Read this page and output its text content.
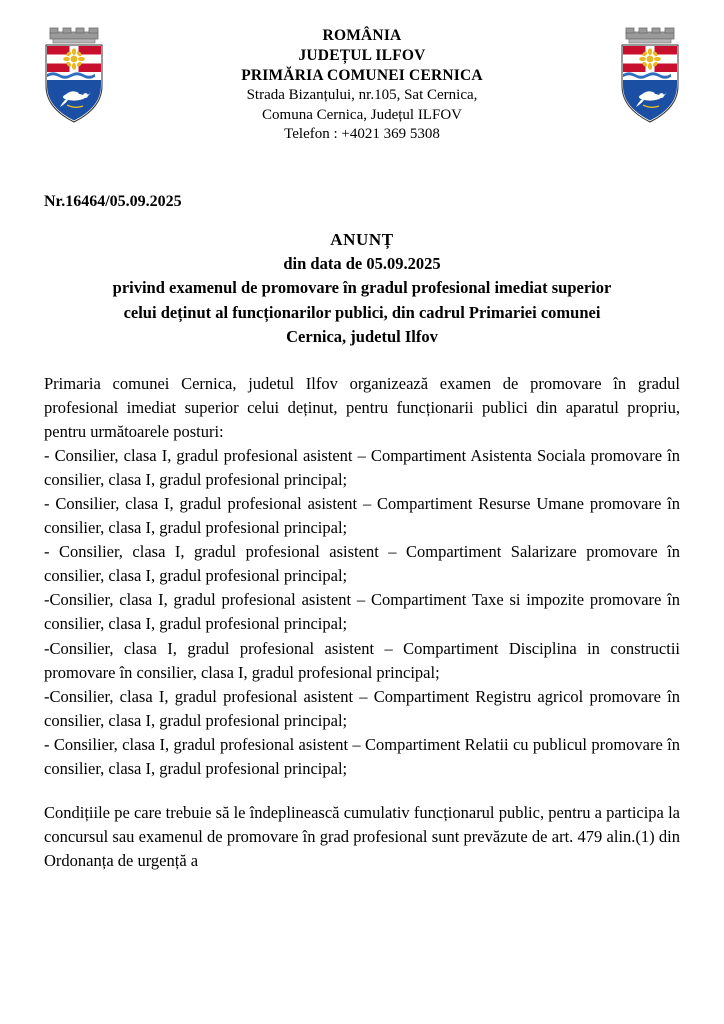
ROMÂNIA
JUDEȚUL ILFOV
PRIMĂRIA COMUNEI CERNICA
Strada Bizanțului, nr.105, Sat Cernica,
Comuna Cernica, Județul ILFOV
Telefon : +4021 369 5308
Nr.16464/05.09.2025
ANUNȚ
din data de 05.09.2025
privind examenul de promovare în gradul profesional imediat superior
celui deținut al funcționarilor publici, din cadrul Primariei comunei
Cernica, judetul Ilfov

Primaria comunei Cernica, judetul Ilfov organizează examen de promovare în gradul profesional imediat superior celui deținut, pentru funcționarii publici din aparatul propriu, pentru următoarele posturi:

- Consilier, clasa I, gradul profesional asistent – Compartiment Asistenta Sociala promovare în consilier, clasa I, gradul profesional principal;

- Consilier, clasa I, gradul profesional asistent – Compartiment Resurse Umane promovare în consilier, clasa I, gradul profesional principal;

- Consilier, clasa I, gradul profesional asistent – Compartiment Salarizare promovare în consilier, clasa I, gradul profesional principal;

-Consilier, clasa I, gradul profesional asistent – Compartiment Taxe si impozite promovare în consilier, clasa I, gradul profesional principal;

-Consilier, clasa I, gradul profesional asistent – Compartiment Disciplina in constructii promovare în consilier, clasa I, gradul profesional principal;

-Consilier, clasa I, gradul profesional asistent – Compartiment Registru agricol promovare în consilier, clasa I, gradul profesional principal;

- Consilier, clasa I, gradul profesional asistent – Compartiment Relatii cu publicul promovare în consilier, clasa I, gradul profesional principal;

Condițiile pe care trebuie să le îndeplinească cumulativ funcționarul public, pentru a participa la concursul sau examenul de promovare în grad profesional sunt prevăzute de art. 479 alin.(1) din Ordonanța de urgență a
